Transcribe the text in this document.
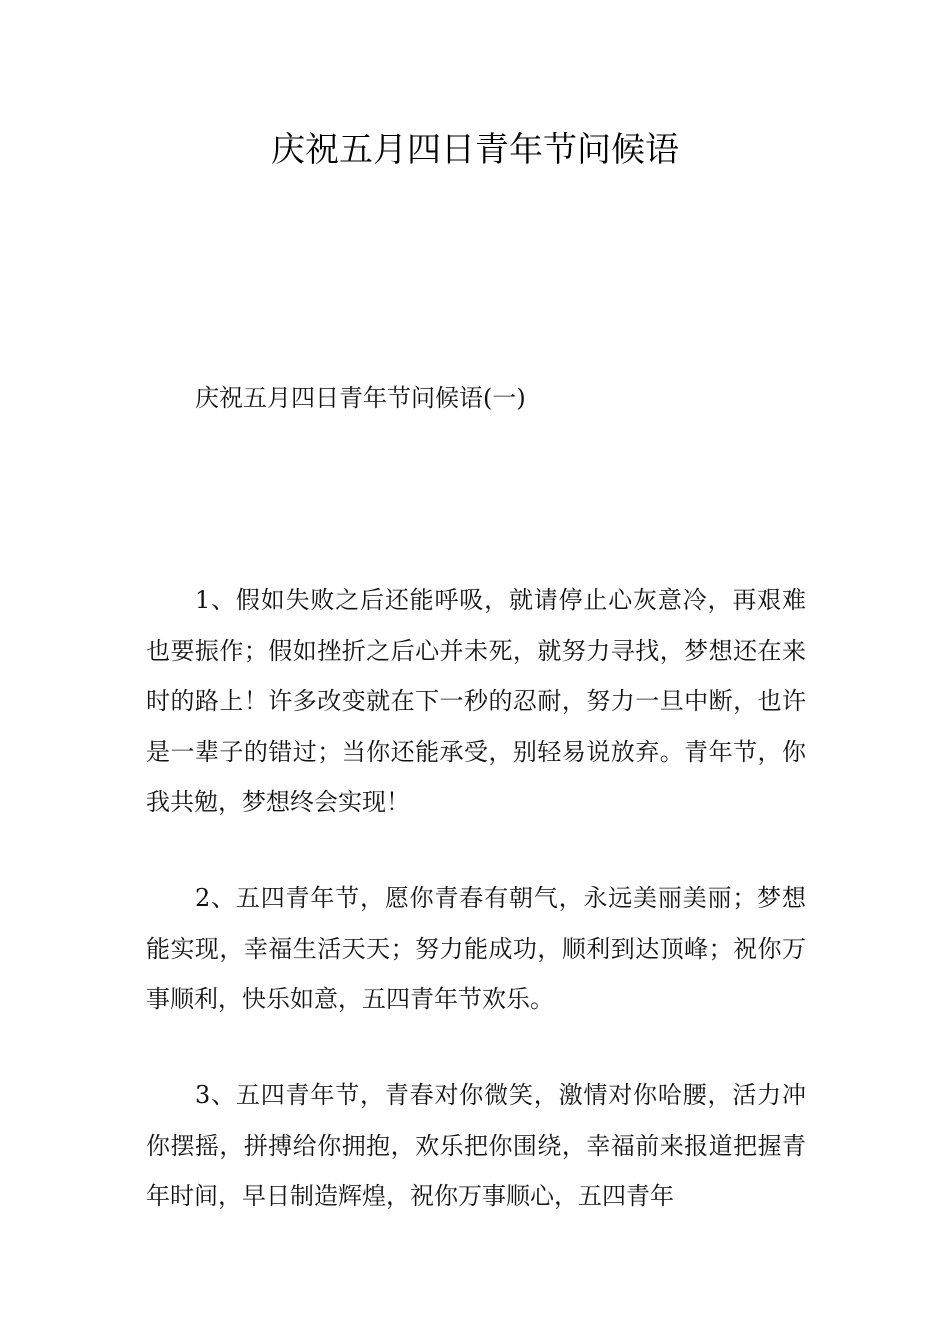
庆祝五月四日青年节问候语

庆祝五月四日青年节问候语(一)

1、假如失败之后还能呼吸，就请停止心灰意冷，再艰难也要振作；假如挫折之后心并未死，就努力寻找，梦想还在来时的路上！许多改变就在下一秒的忍耐，努力一旦中断，也许是一辈子的错过；当你还能承受，别轻易说放弃。青年节，你我共勉，梦想终会实现！

2、五四青年节，愿你青春有朝气，永远美丽美丽；梦想能实现，幸福生活天天；努力能成功，顺利到达顶峰；祝你万事顺利，快乐如意，五四青年节欢乐。

3、五四青年节，青春对你微笑，激情对你哈腰，活力冲你摆摇，拼搏给你拥抱，欢乐把你围绕，幸福前来报道把握青年时间，早日制造辉煌，祝你万事顺心，五四青年
